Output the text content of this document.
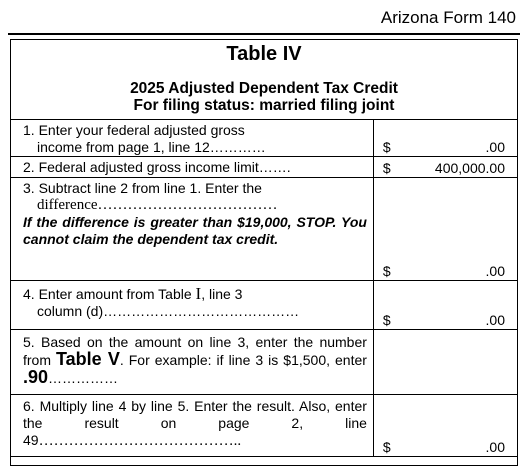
Arizona Form 140
Table IV
2025 Adjusted Dependent Tax Credit
For filing status: married filing joint
1. Enter your federal adjusted gross
income from page 1, line 12…………	$ .00

2. Federal adjusted gross income limit…….	$ 400,000.00

3. Subtract line 2 from line 1. Enter the
difference………………………………
If the difference is greater than $19,000, STOP. You cannot claim the dependent tax credit.	$ .00

4. Enter amount from Table I, line 3
column (d)……………………………………	$ .00

5. Based on the amount on line 3, enter the number from Table V. For example: if line 3 is $1,500, enter .90……………	
6. Multiply line 4 by line 5. Enter the result. Also, enter the result on page 2, line 49…………………………………..	$ .00
